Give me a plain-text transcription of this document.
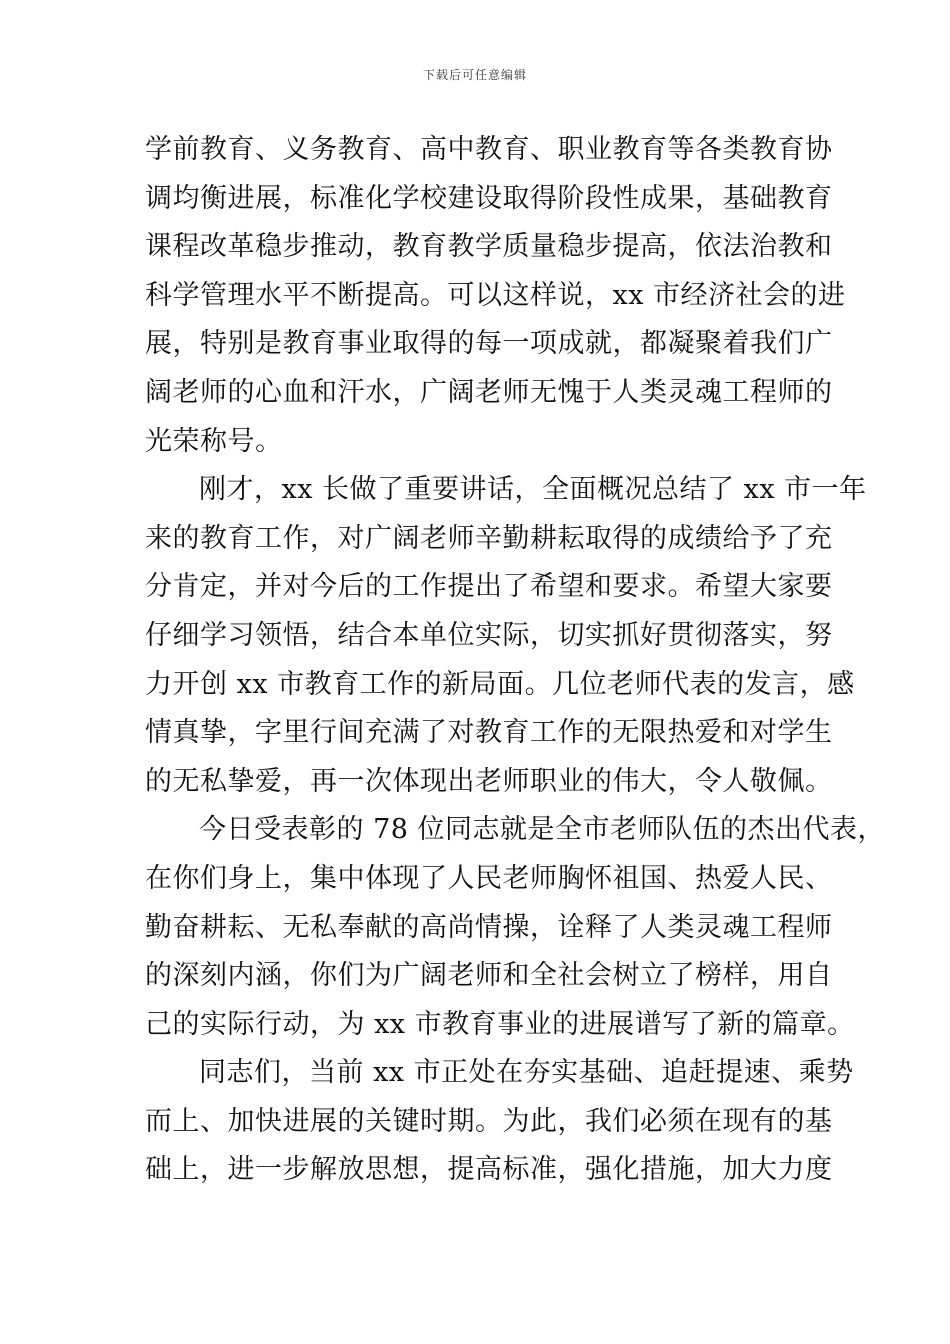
下载后可任意编辑
学前教育、义务教育、高中教育、职业教育等各类教育协
调均衡进展，标准化学校建设取得阶段性成果，基础教育
课程改革稳步推动，教育教学质量稳步提高，依法治教和
科学管理水平不断提高。可以这样说，xx 市经济社会的进
展，特别是教育事业取得的每一项成就，都凝聚着我们广
阔老师的心血和汗水，广阔老师无愧于人类灵魂工程师的
光荣称号。
刚才，xx 长做了重要讲话，全面概况总结了 xx 市一年
来的教育工作，对广阔老师辛勤耕耘取得的成绩给予了充
分肯定，并对今后的工作提出了希望和要求。希望大家要
仔细学习领悟，结合本单位实际，切实抓好贯彻落实，努
力开创 xx 市教育工作的新局面。几位老师代表的发言，感
情真挚，字里行间充满了对教育工作的无限热爱和对学生
的无私挚爱，再一次体现出老师职业的伟大，令人敬佩。
今日受表彰的 78 位同志就是全市老师队伍的杰出代表，
在你们身上，集中体现了人民老师胸怀祖国、热爱人民、
勤奋耕耘、无私奉献的高尚情操，诠释了人类灵魂工程师
的深刻内涵，你们为广阔老师和全社会树立了榜样，用自
己的实际行动，为 xx 市教育事业的进展谱写了新的篇章。
同志们，当前 xx 市正处在夯实基础、追赶提速、乘势
而上、加快进展的关键时期。为此，我们必须在现有的基
础上，进一步解放思想，提高标准，强化措施，加大力度
